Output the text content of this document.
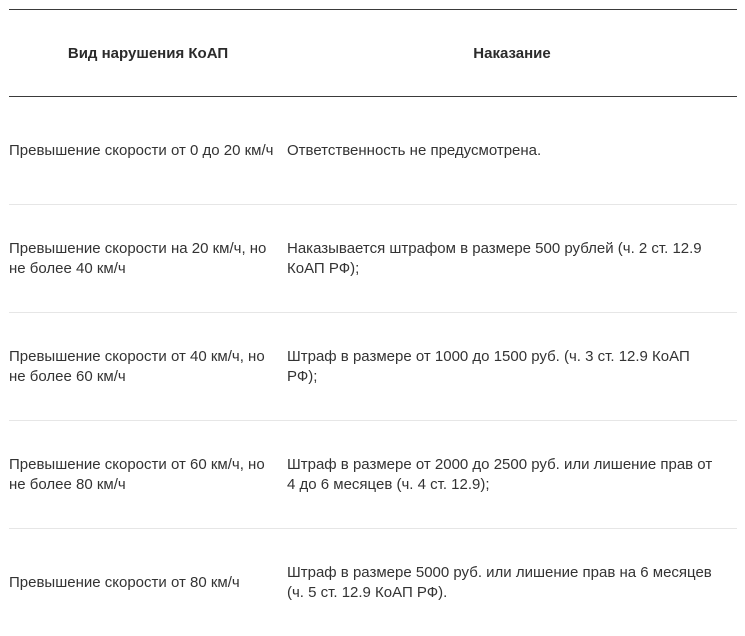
Вид нарушения КоАП	Наказание
Превышение скорости от 0 до 20 км/ч Ответственность не предусмотрена.
Превышение скорости на 20 км/ч, но не более 40 км/ч
Наказывается штрафом в размере 500 рублей (ч. 2 ст. 12.9 КоАП РФ);
Превышение скорости от 40 км/ч, но не более 60 км/ч
Штраф в размере от 1000 до 1500 руб. (ч. 3 ст. 12.9 КоАП РФ);
Превышение скорости от 60 км/ч, но не более 80 км/ч
Штраф в размере от 2000 до 2500 руб. или лишение прав от 4 до 6 месяцев (ч. 4 ст. 12.9);
Превышение скорости от 80 км/ч
Штраф в размере 5000 руб. или лишение прав на 6 месяцев (ч. 5 ст. 12.9 КоАП РФ).
